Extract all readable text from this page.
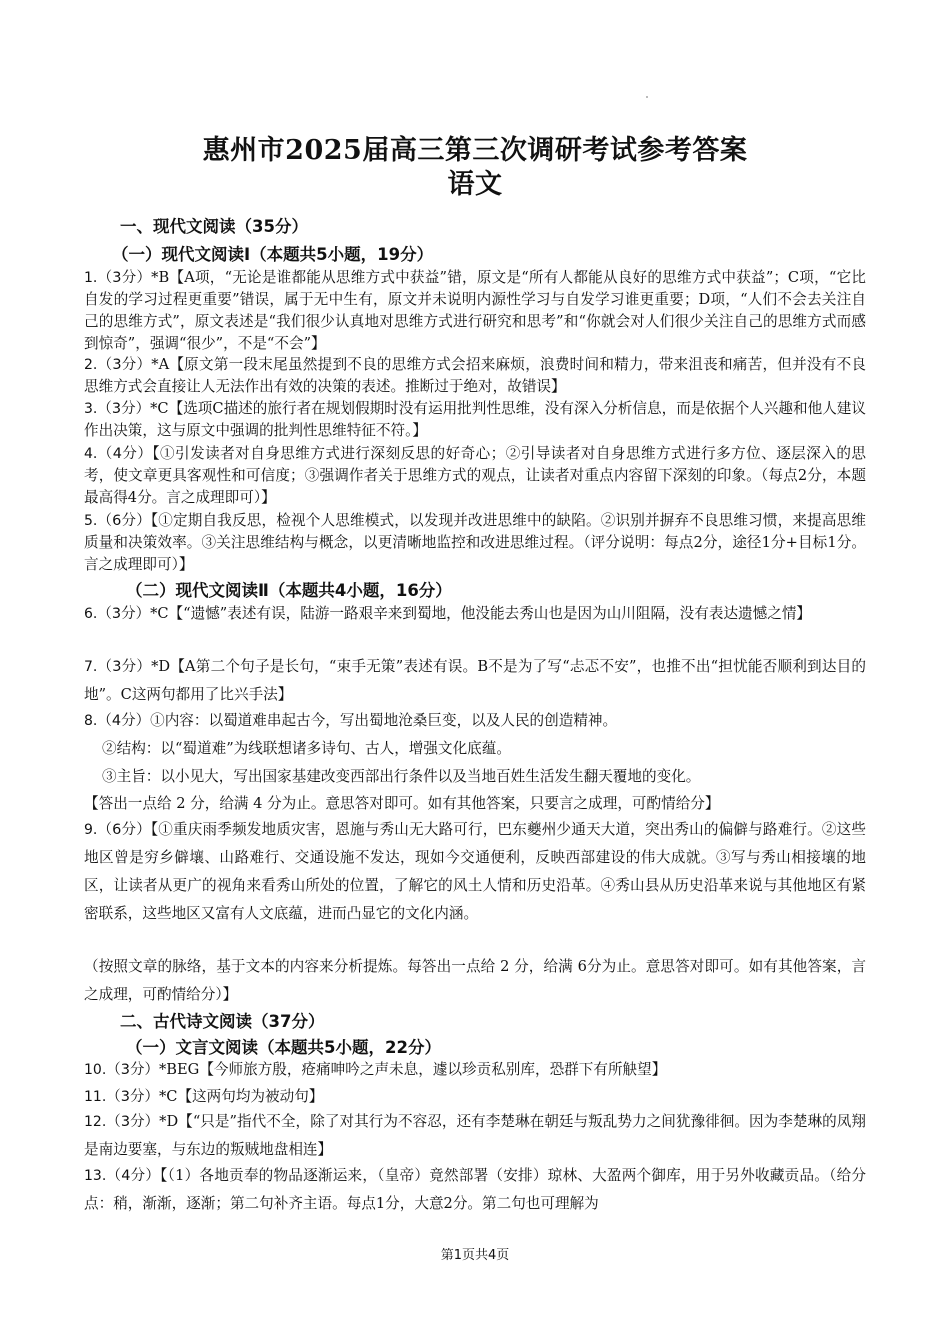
惠州市2025届高三第三次调研考试参考答案
语文
一、现代文阅读（35分）
（一）现代文阅读Ⅰ（本题共5小题，19分）
1.（3分）*B【A项，“无论是谁都能从思维方式中获益”错，原文是“所有人都能从良好的思维方式中获益”；C项，“它比自发的学习过程更重要”错误，属于无中生有，原文并未说明内源性学习与自发学习谁更重要；D项，“人们不会去关注自己的思维方式”，原文表述是“我们很少认真地对思维方式进行研究和思考”和“你就会对人们很少关注自己的思维方式而感到惊奇”，强调“很少”，不是“不会”】
2.（3分）*A【原文第一段末尾虽然提到不良的思维方式会招来麻烦，浪费时间和精力，带来沮丧和痛苦，但并没有不良思维方式会直接让人无法作出有效的决策的表述。推断过于绝对，故错误】
3.（3分）*C【选项C描述的旅行者在规划假期时没有运用批判性思维，没有深入分析信息，而是依据个人兴趣和他人建议作出决策，这与原文中强调的批判性思维特征不符。】
4.（4分）【①引发读者对自身思维方式进行深刻反思的好奇心；②引导读者对自身思维方式进行多方位、逐层深入的思考，使文章更具客观性和可信度；③强调作者关于思维方式的观点，让读者对重点内容留下深刻的印象。（每点2分，本题最高得4分。言之成理即可）】
5.（6分）【①定期自我反思，检视个人思维模式，以发现并改进思维中的缺陷。②识别并摒弃不良思维习惯，来提高思维质量和决策效率。③关注思维结构与概念，以更清晰地监控和改进思维过程。（评分说明：每点2分，途径1分+目标1分。言之成理即可）】
（二）现代文阅读Ⅱ（本题共4小题，16分）
6.（3分）*C【“遗憾”表述有误，陆游一路艰辛来到蜀地，他没能去秀山也是因为山川阻隔，没有表达遗憾之情】
7.（3分）*D【A第二个句子是长句，“束手无策”表述有误。B不是为了写“忐忑不安”，也推不出“担忧能否顺利到达目的地”。C这两句都用了比兴手法】
8.（4分）①内容：以蜀道难串起古今，写出蜀地沧桑巨变，以及人民的创造精神。
②结构：以“蜀道难”为线联想诸多诗句、古人，增强文化底蕴。
③主旨：以小见大，写出国家基建改变西部出行条件以及当地百姓生活发生翻天覆地的变化。
【答出一点给 2 分，给满 4 分为止。意思答对即可。如有其他答案，只要言之成理，可酌情给分】
9.（6分）【①重庆雨季频发地质灾害，恩施与秀山无大路可行，巴东夔州少通天大道，突出秀山的偏僻与路难行。②这些地区曾是穷乡僻壤、山路难行、交通设施不发达，现如今交通便利，反映西部建设的伟大成就。③写与秀山相接壤的地区，让读者从更广的视角来看秀山所处的位置，了解它的风土人情和历史沿革。④秀山县从历史沿革来说与其他地区有紧密联系，这些地区又富有人文底蕴，进而凸显它的文化内涵。
（按照文章的脉络，基于文本的内容来分析提炼。每答出一点给 2 分，给满 6分为止。意思答对即可。如有其他答案，言之成理，可酌情给分）】
二、古代诗文阅读（37分）
（一）文言文阅读（本题共5小题，22分）
10.（3分）*BEG【今师旅方殷，疮痛呻吟之声未息，遽以珍贡私别库，恐群下有所觖望】
11.（3分）*C【这两句均为被动句】
12.（3分）*D【“只是”指代不全，除了对其行为不容忍，还有李楚琳在朝廷与叛乱势力之间犹豫徘徊。因为李楚琳的凤翔是南边要塞，与东边的叛贼地盘相连】
13.（4分）【（1）各地贡奉的物品逐渐运来，（皇帝）竟然部署（安排）琼林、大盈两个御库，用于另外收藏贡品。（给分点：稍，渐渐，逐渐；第二句补齐主语。每点1分，大意2分。第二句也可理解为
第1页共4页
